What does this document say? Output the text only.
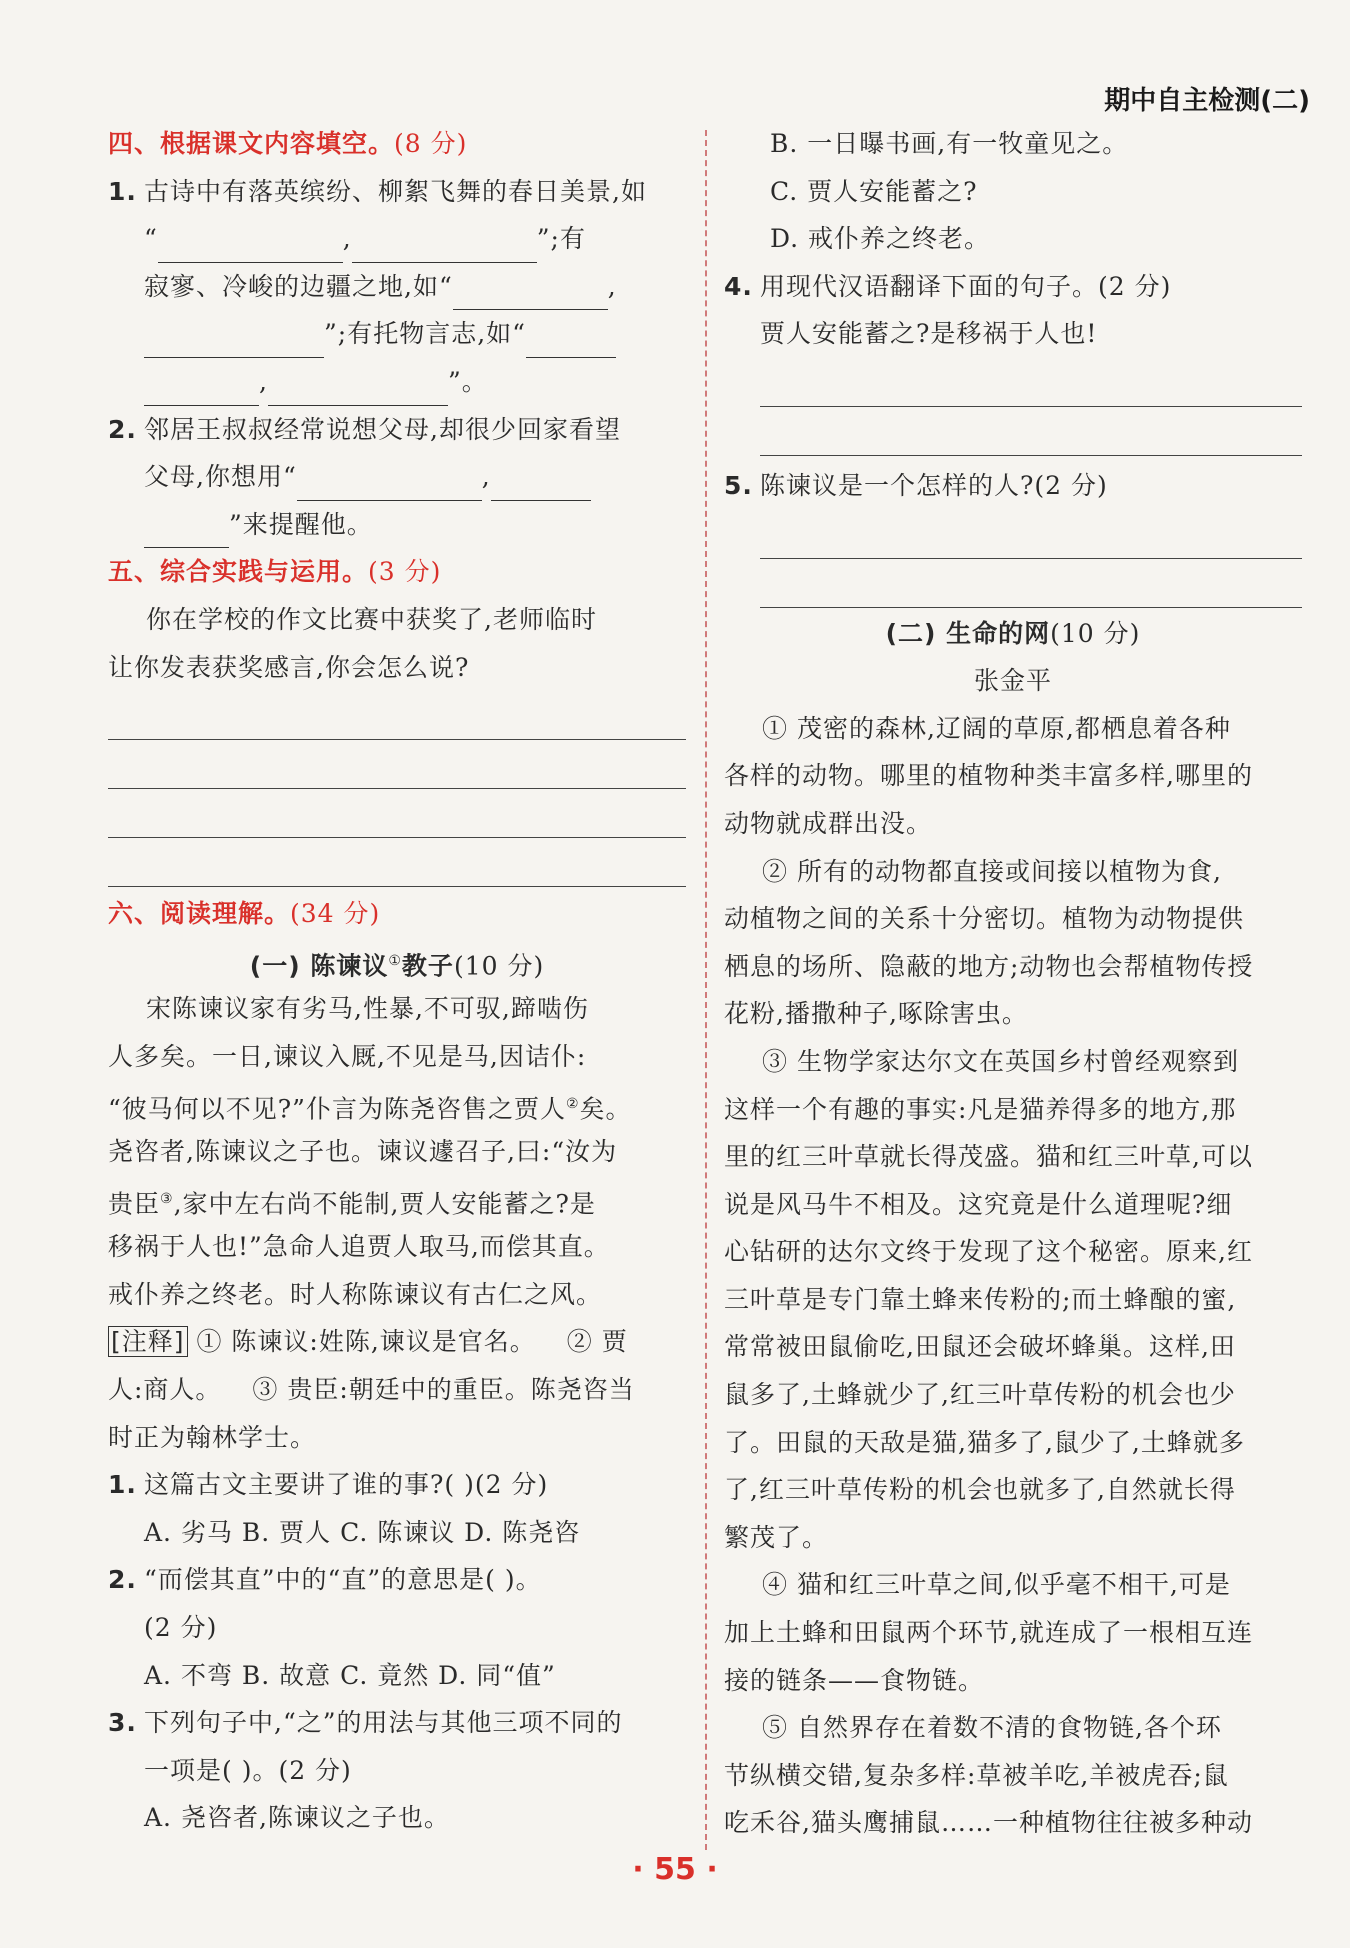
期中自主检测(二)
四、根据课文内容填空。(8 分)
1. 古诗中有落英缤纷、柳絮飞舞的春日美景,如
“	,	”;有
寂寥、冷峻的边疆之地,如“	,
”;有托物言志,如“
,	”。
2. 邻居王叔叔经常说想父母,却很少回家看望
父母,你想用“	,
”来提醒他。
五、综合实践与运用。(3 分)
你在学校的作文比赛中获奖了,老师临时
让你发表获奖感言,你会怎么说?
六、阅读理解。(34 分)
(一) 陈谏议①教子(10 分)
宋陈谏议家有劣马,性暴,不可驭,蹄啮伤
人多矣。一日,谏议入厩,不见是马,因诘仆:
“彼马何以不见?”仆言为陈尧咨售之贾人②矣。
尧咨者,陈谏议之子也。谏议遽召子,曰:“汝为
贵臣③,家中左右尚不能制,贾人安能蓄之?是
移祸于人也!”急命人追贾人取马,而偿其直。
戒仆养之终老。时人称陈谏议有古仁之风。
[注释] ① 陈谏议:姓陈,谏议是官名。 ② 贾
人:商人。 ③ 贵臣:朝廷中的重臣。陈尧咨当
时正为翰林学士。
1. 这篇古文主要讲了谁的事?( )(2 分)
A. 劣马 B. 贾人 C. 陈谏议 D. 陈尧咨
2. “而偿其直”中的“直”的意思是( )。
(2 分)
A. 不弯 B. 故意 C. 竟然 D. 同“值”
3. 下列句子中,“之”的用法与其他三项不同的
一项是( )。(2 分)
A. 尧咨者,陈谏议之子也。
B. 一日曝书画,有一牧童见之。
C. 贾人安能蓄之?
D. 戒仆养之终老。
4. 用现代汉语翻译下面的句子。(2 分)
贾人安能蓄之?是移祸于人也!
5. 陈谏议是一个怎样的人?(2 分)
(二) 生命的网(10 分)
张金平
① 茂密的森林,辽阔的草原,都栖息着各种
各样的动物。哪里的植物种类丰富多样,哪里的
动物就成群出没。
② 所有的动物都直接或间接以植物为食,
动植物之间的关系十分密切。植物为动物提供
栖息的场所、隐蔽的地方;动物也会帮植物传授
花粉,播撒种子,啄除害虫。
③ 生物学家达尔文在英国乡村曾经观察到
这样一个有趣的事实:凡是猫养得多的地方,那
里的红三叶草就长得茂盛。猫和红三叶草,可以
说是风马牛不相及。这究竟是什么道理呢?细
心钻研的达尔文终于发现了这个秘密。原来,红
三叶草是专门靠土蜂来传粉的;而土蜂酿的蜜,
常常被田鼠偷吃,田鼠还会破坏蜂巢。这样,田
鼠多了,土蜂就少了,红三叶草传粉的机会也少
了。田鼠的天敌是猫,猫多了,鼠少了,土蜂就多
了,红三叶草传粉的机会也就多了,自然就长得
繁茂了。
④ 猫和红三叶草之间,似乎毫不相干,可是
加上土蜂和田鼠两个环节,就连成了一根相互连
接的链条——食物链。
⑤ 自然界存在着数不清的食物链,各个环
节纵横交错,复杂多样:草被羊吃,羊被虎吞;鼠
吃禾谷,猫头鹰捕鼠……一种植物往往被多种动
· 55 ·
